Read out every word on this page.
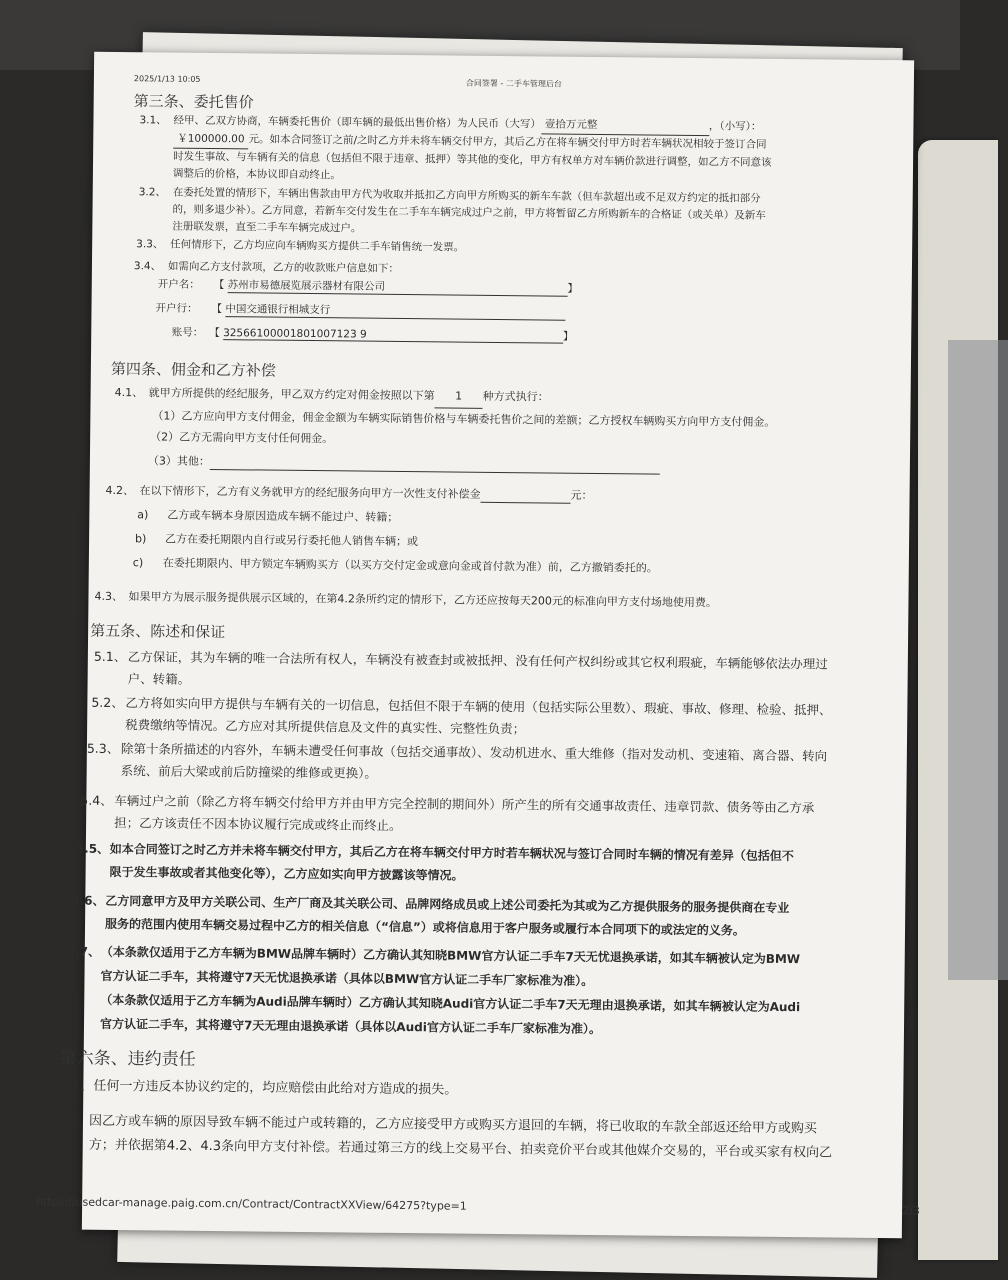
2025/1/13 10:05	合同签署 - 二手车管理后台
第三条、委托售价
3.1、 经甲、乙双方协商，车辆委托售价（即车辆的最低出售价格）为人民币（大写） 壹拾万元整	，（小写）：
￥100000.00 元。如本合同签订之前/之时乙方并未将车辆交付甲方，其后乙方在将车辆交付甲方时若车辆状况相较于签订合同
时发生事故、与车辆有关的信息（包括但不限于违章、抵押）等其他的变化，甲方有权单方对车辆价款进行调整，如乙方不同意该
调整后的价格，本协议即自动终止。
3.2、 在委托处置的情形下，车辆出售款由甲方代为收取并抵扣乙方向甲方所购买的新车车款（但车款超出或不足双方约定的抵扣部分
的，则多退少补）。乙方同意，若新车交付发生在二手车车辆完成过户之前，甲方将暂留乙方所购新车的合格证（或关单）及新车
注册联发票，直至二手车车辆完成过户。
3.3、 任何情形下，乙方均应向车辆购买方提供二手车销售统一发票。
3.4、 如需向乙方支付款项，乙方的收款账户信息如下：
开户名： 【 苏州市易德展览展示器材有限公司	】
开户行： 【 中国交通银行相城支行
账号： 【 32566100001801007123 9	】
第四条、佣金和乙方补偿
4.1、 就甲方所提供的经纪服务，甲乙双方约定对佣金按照以下第 1 种方式执行：
（1）乙方应向甲方支付佣金，佣金金额为车辆实际销售价格与车辆委托售价之间的差额；乙方授权车辆购买方向甲方支付佣金。
（2）乙方无需向甲方支付任何佣金。
（3）其他：
4.2、 在以下情形下，乙方有义务就甲方的经纪服务向甲方一次性支付补偿金	元：
a) 乙方或车辆本身原因造成车辆不能过户、转籍；
b) 乙方在委托期限内自行或另行委托他人销售车辆；或
c) 在委托期限内、甲方锁定车辆购买方（以买方交付定金或意向金或首付款为准）前，乙方撤销委托的。
4.3、 如果甲方为展示服务提供展示区域的，在第4.2条所约定的情形下，乙方还应按每天200元的标准向甲方支付场地使用费。
第五条、陈述和保证
5.1、乙方保证，其为车辆的唯一合法所有权人，车辆没有被查封或被抵押、没有任何产权纠纷或其它权利瑕疵，车辆能够依法办理过
户、转籍。
5.2、乙方将如实向甲方提供与车辆有关的一切信息，包括但不限于车辆的使用（包括实际公里数）、瑕疵、事故、修理、检验、抵押、
税费缴纳等情况。乙方应对其所提供信息及文件的真实性、完整性负责；
5.3、除第十条所描述的内容外，车辆未遭受任何事故（包括交通事故）、发动机进水、重大维修（指对发动机、变速箱、离合器、转向
系统、前后大梁或前后防撞梁的维修或更换）。
5.4、车辆过户之前（除乙方将车辆交付给甲方并由甲方完全控制的期间外）所产生的所有交通事故责任、违章罚款、债务等由乙方承
担；乙方该责任不因本协议履行完成或终止而终止。
5.5、如本合同签订之时乙方并未将车辆交付甲方，其后乙方在将车辆交付甲方时若车辆状况与签订合同时车辆的情况有差异（包括但不
限于发生事故或者其他变化等），乙方应如实向甲方披露该等情况。
5.6、乙方同意甲方及甲方关联公司、生产厂商及其关联公司、品牌网络成员或上述公司委托为其或为乙方提供服务的服务提供商在专业
服务的范围内使用车辆交易过程中乙方的相关信息（“信息”）或将信息用于客户服务或履行本合同项下的或法定的义务。
5.7、（本条款仅适用于乙方车辆为BMW品牌车辆时）乙方确认其知晓BMW官方认证二手车7天无忧退换承诺，如其车辆被认定为BMW
官方认证二手车，其将遵守7天无忧退换承诺（具体以BMW官方认证二手车厂家标准为准）。
（本条款仅适用于乙方车辆为Audi品牌车辆时）乙方确认其知晓Audi官方认证二手车7天无理由退换承诺，如其车辆被认定为Audi
官方认证二手车，其将遵守7天无理由退换承诺（具体以Audi官方认证二手车厂家标准为准）。
第六条、违约责任
6.1、任何一方违反本协议约定的，均应赔偿由此给对方造成的损失。
6.2、因乙方或车辆的原因导致车辆不能过户或转籍的，乙方应接受甲方或购买方退回的车辆，将已收取的车款全部返还给甲方或购买
方；并依据第4.2、4.3条向甲方支付补偿。若通过第三方的线上交易平台、拍卖竞价平台或其他媒介交易的，平台或买家有权向乙
https://usedcar-manage.paig.com.cn/Contract/ContractXXView/64275?type=1	2/3
